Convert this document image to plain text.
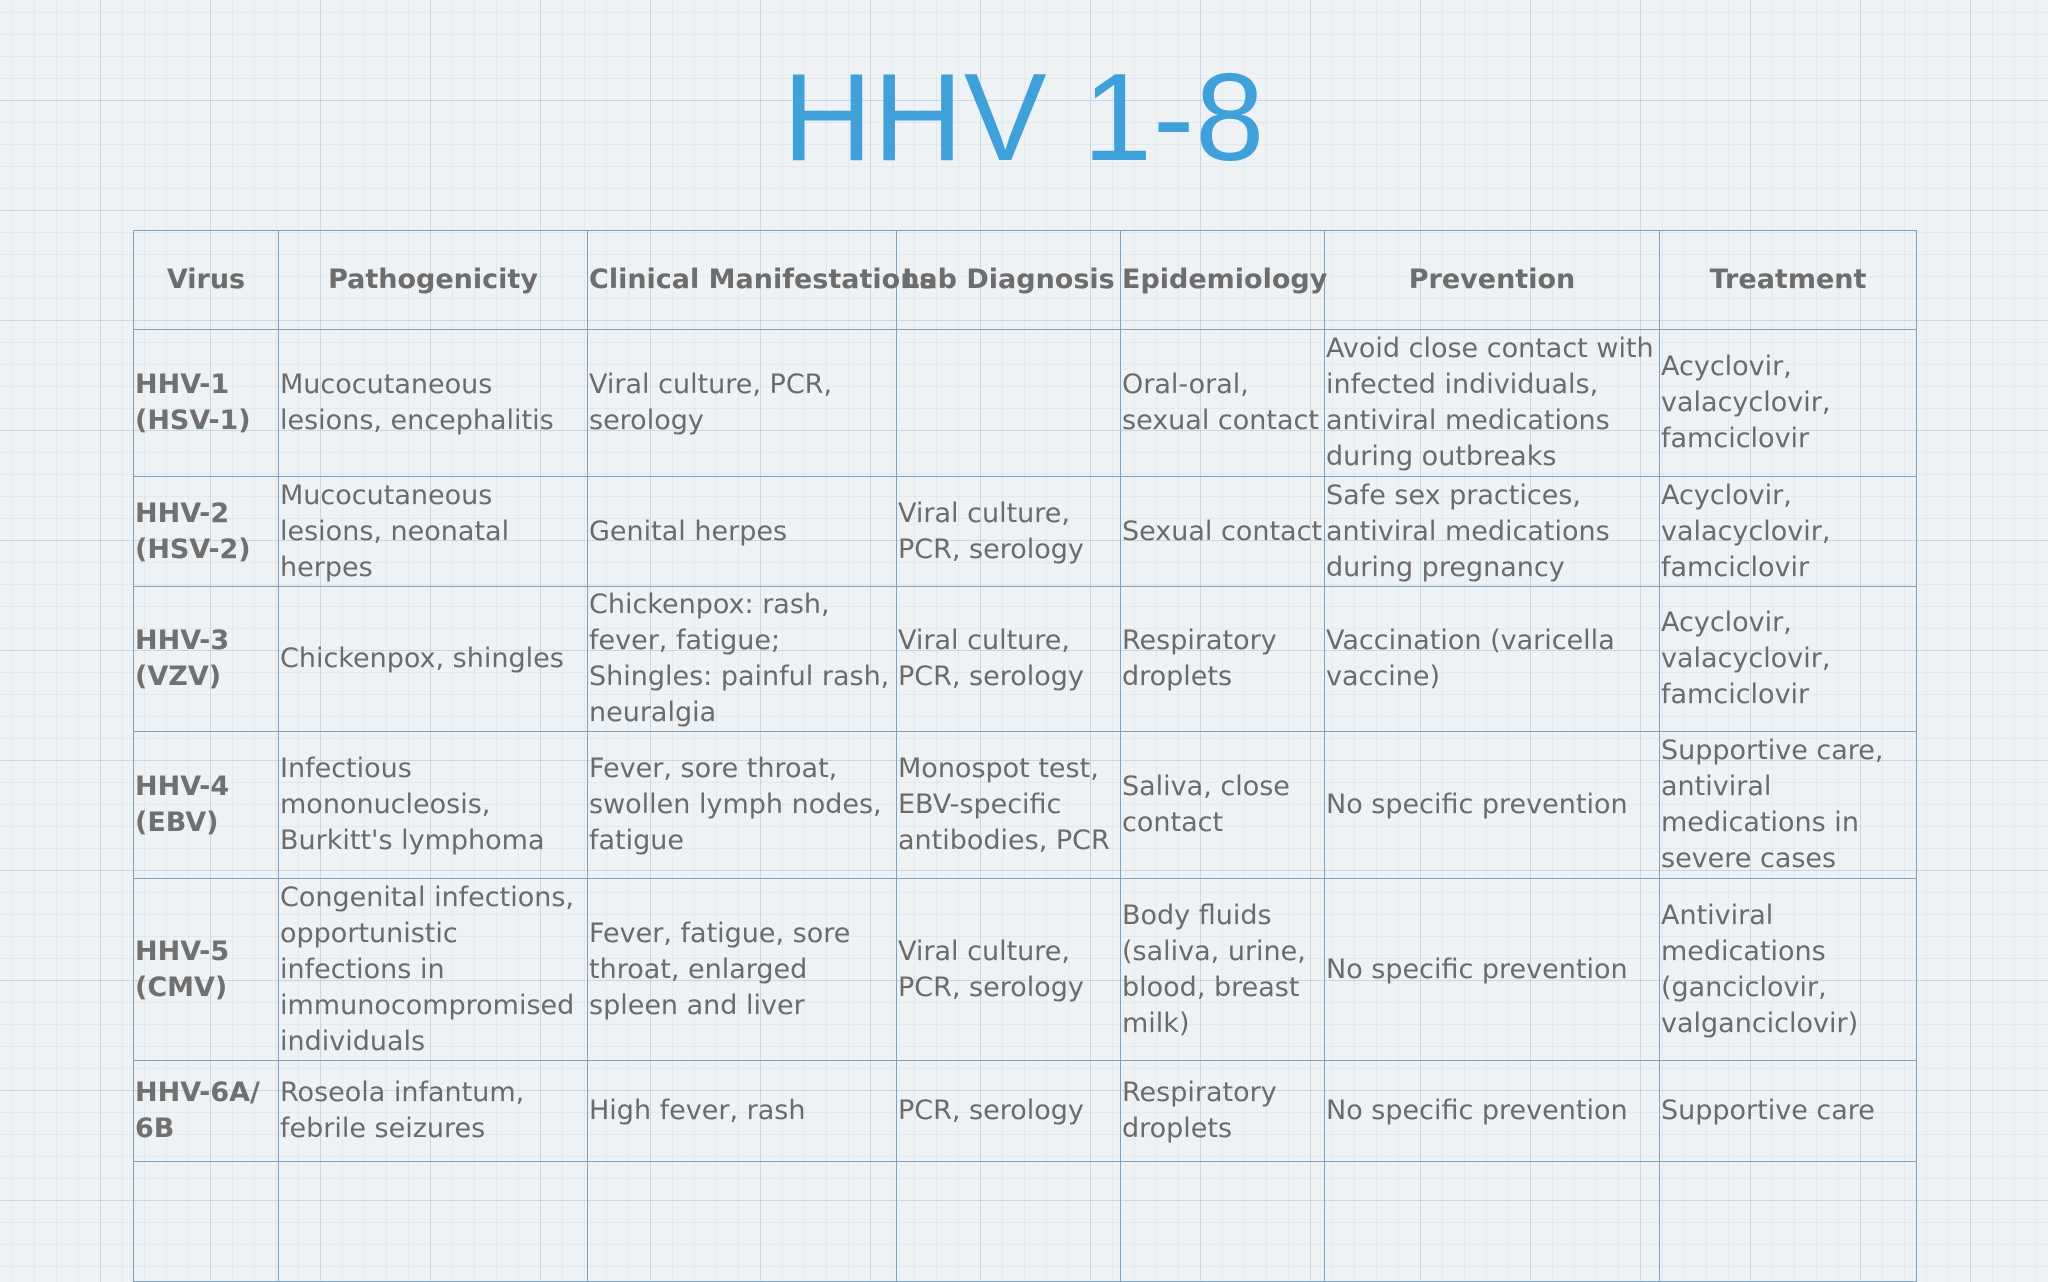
HHV 1-8
Virus	Pathogenicity	Clinical Manifestations	Lab Diagnosis	Epidemiology	Prevention	Treatment
HHV-1 (HSV-1)	Mucocutaneous lesions, encephalitis	Viral culture, PCR, serology		Oral-oral, sexual contact	Avoid close contact with infected individuals, antiviral medications during outbreaks	Acyclovir, valacyclovir, famciclovir
HHV-2 (HSV-2)	Mucocutaneous lesions, neonatal herpes	Genital herpes	Viral culture, PCR, serology	Sexual contact	Safe sex practices, antiviral medications during pregnancy	Acyclovir, valacyclovir, famciclovir
HHV-3 (VZV)	Chickenpox, shingles	Chickenpox: rash, fever, fatigue; Shingles: painful rash, neuralgia	Viral culture, PCR, serology	Respiratory droplets	Vaccination (varicella vaccine)	Acyclovir, valacyclovir, famciclovir
HHV-4 (EBV)	Infectious mononucleosis, Burkitt's lymphoma	Fever, sore throat, swollen lymph nodes, fatigue	Monospot test, EBV-specific antibodies, PCR	Saliva, close contact	No specific prevention	Supportive care, antiviral medications in severe cases
HHV-5 (CMV)	Congenital infections, opportunistic infections in immunocompromised individuals	Fever, fatigue, sore throat, enlarged spleen and liver	Viral culture, PCR, serology	Body fluids (saliva, urine, blood, breast milk)	No specific prevention	Antiviral medications (ganciclovir, valganciclovir)
HHV-6A/ 6B	Roseola infantum, febrile seizures	High fever, rash	PCR, serology	Respiratory droplets	No specific prevention	Supportive care
